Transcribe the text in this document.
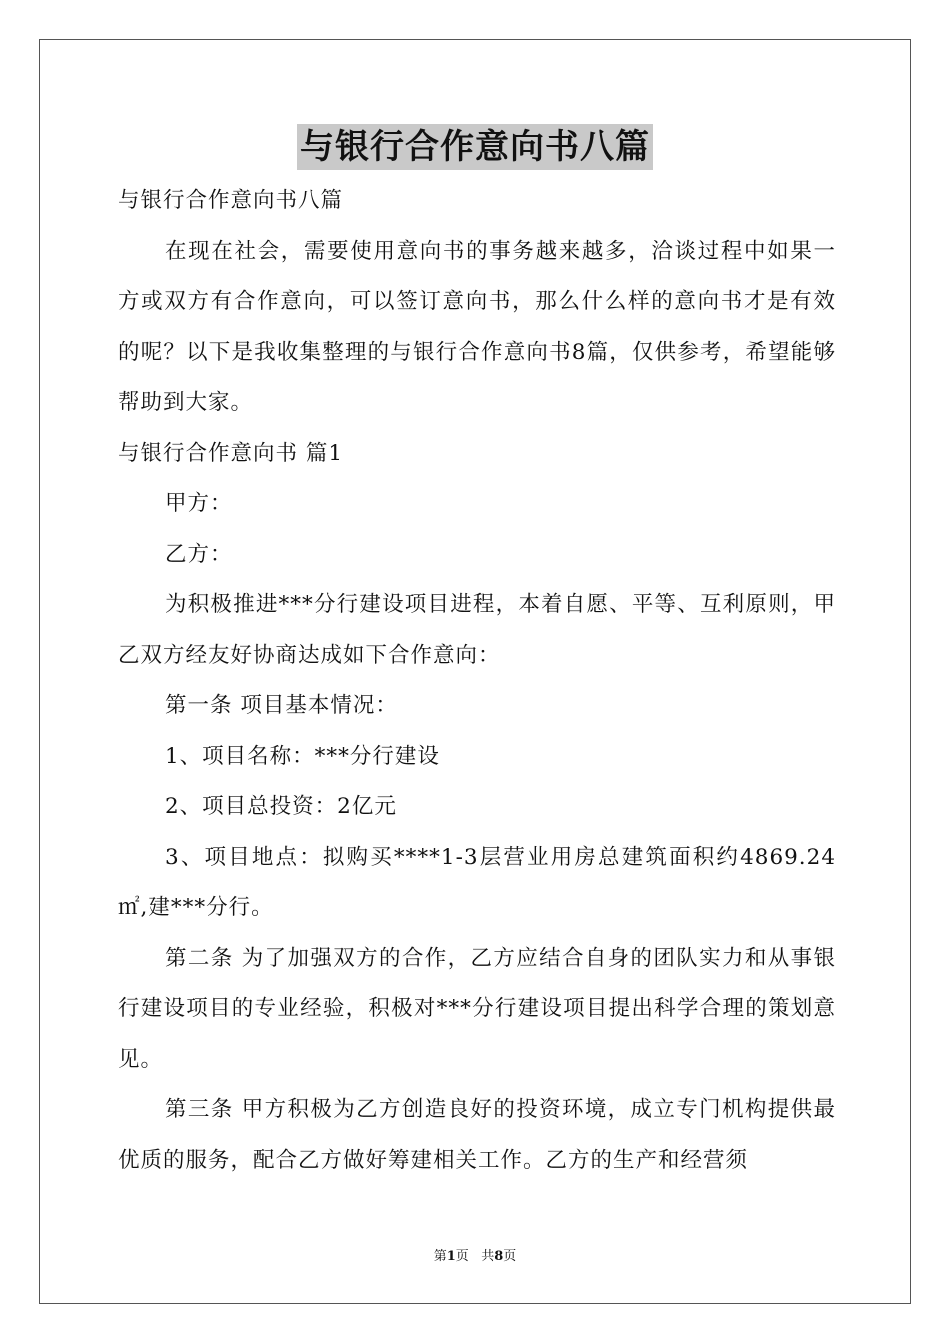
与银行合作意向书八篇

与银行合作意向书八篇

在现在社会，需要使用意向书的事务越来越多，洽谈过程中如果一方或双方有合作意向，可以签订意向书，那么什么样的意向书才是有效的呢？以下是我收集整理的与银行合作意向书8篇，仅供参考，希望能够帮助到大家。

与银行合作意向书 篇1

甲方：

乙方：

为积极推进***分行建设项目进程，本着自愿、平等、互利原则，甲乙双方经友好协商达成如下合作意向：

第一条 项目基本情况：

1、项目名称：***分行建设

2、项目总投资：2亿元

3、项目地点：拟购买****1-3层营业用房总建筑面积约4869.24㎡,建***分行。

第二条 为了加强双方的合作，乙方应结合自身的团队实力和从事银行建设项目的专业经验，积极对***分行建设项目提出科学合理的策划意见。

第三条 甲方积极为乙方创造良好的投资环境，成立专门机构提供最优质的服务，配合乙方做好筹建相关工作。乙方的生产和经营须

第1页 共8页
